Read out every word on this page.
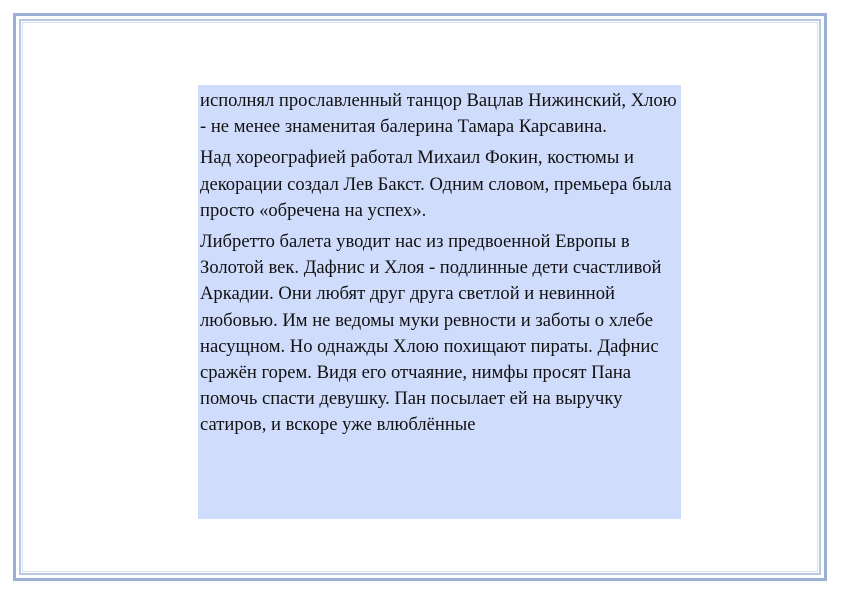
исполнял прославленный танцор Вацлав Нижинский, Хлою - не менее знаменитая балерина Тамара Карсавина.

Над хореографией работал Михаил Фокин, костюмы и декорации создал Лев Бакст. Одним словом, премьера была просто «обречена на успех».

Либретто балета уводит нас из предвоенной Европы в Золотой век. Дафнис и Хлоя - подлинные дети счастливой Аркадии. Они любят друг друга светлой и невинной любовью. Им не ведомы муки ревности и заботы о хлебе насущном. Но однажды Хлою похищают пираты. Дафнис сражён горем. Видя его отчаяние, нимфы просят Пана помочь спасти девушку. Пан посылает ей на выручку сатиров, и вскоре уже влюблённые
